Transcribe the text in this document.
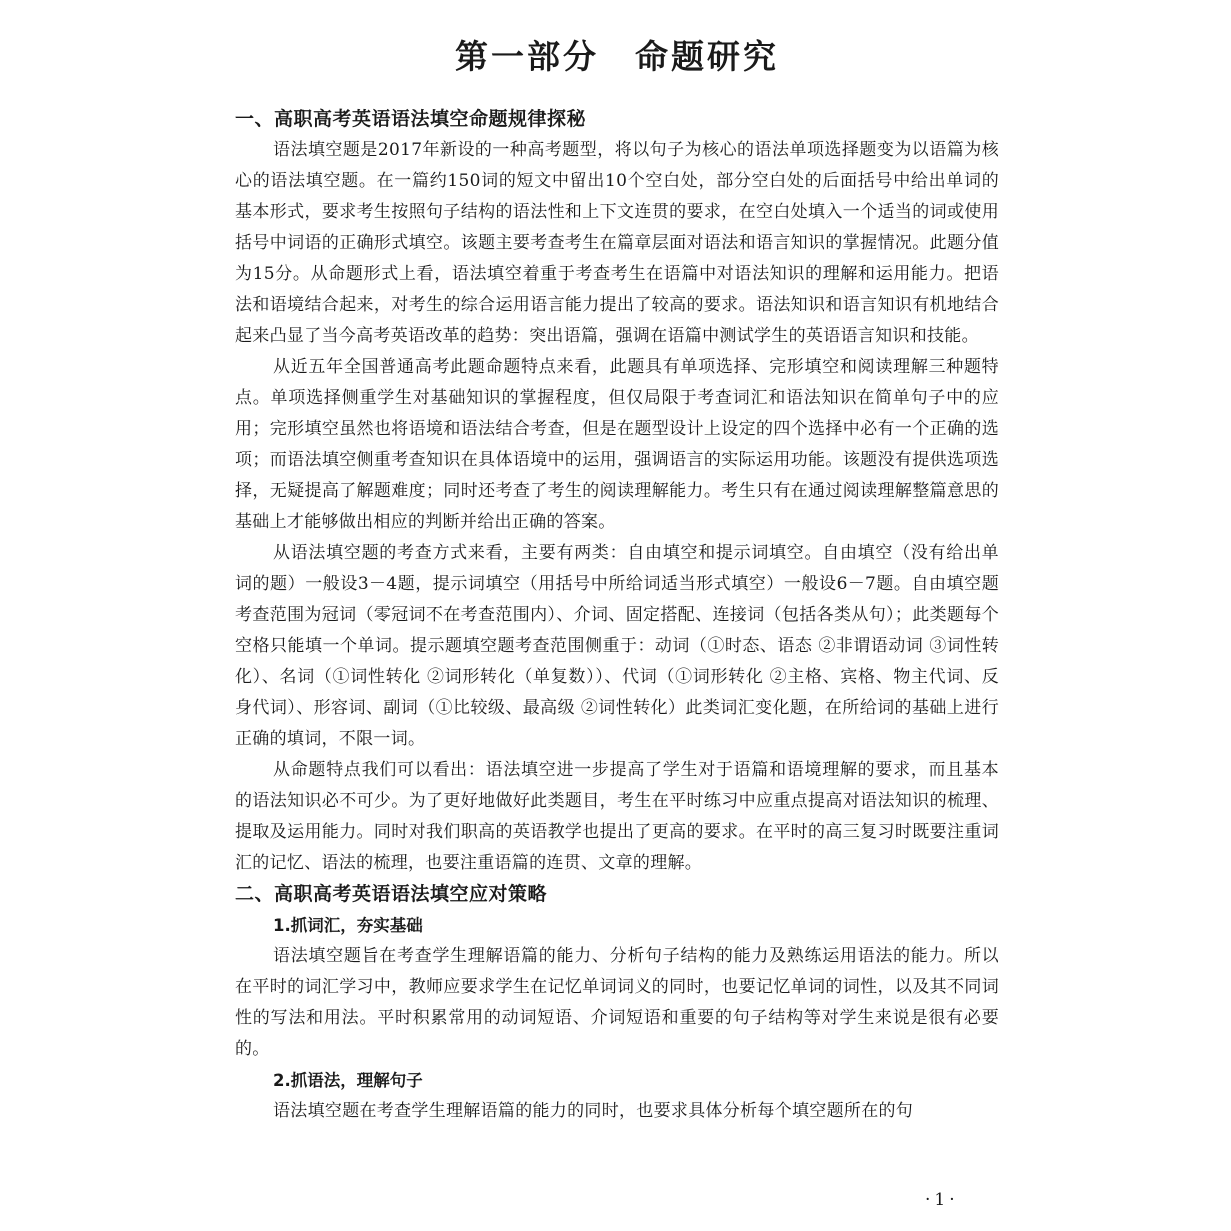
第一部分　命题研究
一、高职高考英语语法填空命题规律探秘

语法填空题是2017年新设的一种高考题型，将以句子为核心的语法单项选择题变为以语篇为核心的语法填空题。在一篇约150词的短文中留出10个空白处，部分空白处的后面括号中给出单词的基本形式，要求考生按照句子结构的语法性和上下文连贯的要求，在空白处填入一个适当的词或使用括号中词语的正确形式填空。该题主要考查考生在篇章层面对语法和语言知识的掌握情况。此题分值为15分。从命题形式上看，语法填空着重于考查考生在语篇中对语法知识的理解和运用能力。把语法和语境结合起来，对考生的综合运用语言能力提出了较高的要求。语法知识和语言知识有机地结合起来凸显了当今高考英语改革的趋势：突出语篇，强调在语篇中测试学生的英语语言知识和技能。

从近五年全国普通高考此题命题特点来看，此题具有单项选择、完形填空和阅读理解三种题特点。单项选择侧重学生对基础知识的掌握程度，但仅局限于考查词汇和语法知识在简单句子中的应用；完形填空虽然也将语境和语法结合考查，但是在题型设计上设定的四个选择中必有一个正确的选项；而语法填空侧重考查知识在具体语境中的运用，强调语言的实际运用功能。该题没有提供选项选择，无疑提高了解题难度；同时还考查了考生的阅读理解能力。考生只有在通过阅读理解整篇意思的基础上才能够做出相应的判断并给出正确的答案。

从语法填空题的考查方式来看，主要有两类：自由填空和提示词填空。自由填空（没有给出单词的题）一般设3－4题，提示词填空（用括号中所给词适当形式填空）一般设6－7题。自由填空题考查范围为冠词（零冠词不在考查范围内）、介词、固定搭配、连接词（包括各类从句）；此类题每个空格只能填一个单词。提示题填空题考查范围侧重于：动词（①时态、语态 ②非谓语动词 ③词性转化）、名词（①词性转化 ②词形转化（单复数））、代词（①词形转化 ②主格、宾格、物主代词、反身代词）、形容词、副词（①比较级、最高级 ②词性转化）此类词汇变化题，在所给词的基础上进行正确的填词，不限一词。

从命题特点我们可以看出：语法填空进一步提高了学生对于语篇和语境理解的要求，而且基本的语法知识必不可少。为了更好地做好此类题目，考生在平时练习中应重点提高对语法知识的梳理、提取及运用能力。同时对我们职高的英语教学也提出了更高的要求。在平时的高三复习时既要注重词汇的记忆、语法的梳理，也要注重语篇的连贯、文章的理解。

二、高职高考英语语法填空应对策略
1.抓词汇，夯实基础

语法填空题旨在考查学生理解语篇的能力、分析句子结构的能力及熟练运用语法的能力。所以在平时的词汇学习中，教师应要求学生在记忆单词词义的同时，也要记忆单词的词性，以及其不同词性的写法和用法。平时积累常用的动词短语、介词短语和重要的句子结构等对学生来说是很有必要的。

2.抓语法，理解句子

语法填空题在考查学生理解语篇的能力的同时，也要求具体分析每个填空题所在的句

·1·
